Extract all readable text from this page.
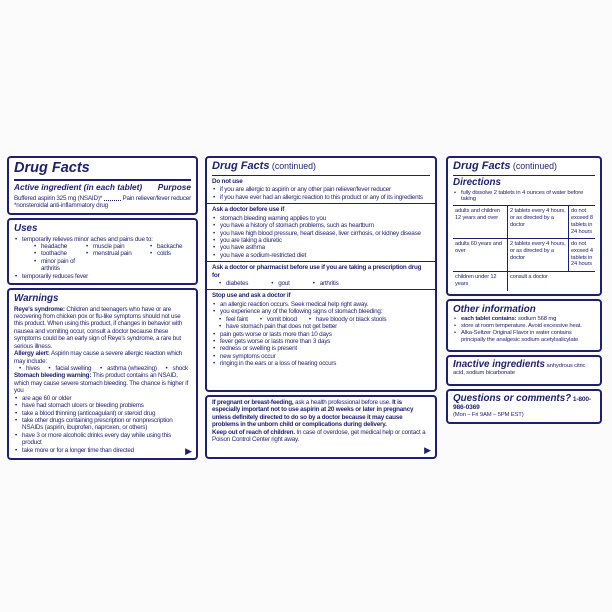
Drug Facts
Active ingredient (in each tablet) Purpose
Buffered aspirin 325 mg (NSAID)*	Pain reliever/fever reducer
*nonsteroidal anti-inflammatory drug
Uses
• temporarily relieves minor aches and pains due to:
• headache	• muscle pain	• backache
• toothache	• menstrual pain	• colds
• minor pain of arthritis
• temporarily reduces fever
Warnings
Reye's syndrome: Children and teenagers who have or are recovering from chicken pox or flu-like symptoms should not use this product. When using this product, if changes in behavior with nausea and vomiting occur, consult a doctor because these symptoms could be an early sign of Reye's syndrome, a rare but serious illness.
Allergy alert: Aspirin may cause a severe allergic reaction which may include:
• hives	• facial swelling	• asthma (wheezing)	• shock
Stomach bleeding warning: This product contains an NSAID, which may cause severe stomach bleeding. The chance is higher if you
• are age 60 or older
• have had stomach ulcers or bleeding problems
• take a blood thinning (anticoagulant) or steroid drug
• take other drugs containing prescription or nonprescription NSAIDs (aspirin, ibuprofen, naproxen, or others)
• have 3 or more alcoholic drinks every day while using this product
• take more or for a longer time than directed	▶
Drug Facts (continued)
Do not use
• if you are allergic to aspirin or any other pain reliever/fever reducer
• if you have ever had an allergic reaction to this product or any of its ingredients
Ask a doctor before use if
• stomach bleeding warning applies to you
• you have a history of stomach problems, such as heartburn
• you have high blood pressure, heart disease, liver cirrhosis, or kidney disease
• you are taking a diuretic
• you have asthma
• you have a sodium-restricted diet
Ask a doctor or pharmacist before use if you are taking a prescription drug for
• diabetes	• gout	• arthritis
Stop use and ask a doctor if
• an allergic reaction occurs. Seek medical help right away.
• you experience any of the following signs of stomach bleeding:
• feel faint	• vomit blood	• have bloody or black stools
• have stomach pain that does not get better
• pain gets worse or lasts more than 10 days
• fever gets worse or lasts more than 3 days
• redness or swelling is present
• new symptoms occur
• ringing in the ears or a loss of hearing occurs
If pregnant or breast-feeding, ask a health professional before use. It is especially important not to use aspirin at 20 weeks or later in pregnancy unless definitely directed to do so by a doctor because it may cause problems in the unborn child or complications during delivery.
Keep out of reach of children. In case of overdose, get medical help or contact a Poison Control Center right away.
▶
Drug Facts (continued)
Directions
• fully dissolve 2 tablets in 4 ounces of water before taking
adults and children 12 years and over	2 tablets every 4 hours, or as directed by a doctor	do not exceed 8 tablets in 24 hours
adults 60 years and over	2 tablets every 4 hours, or as directed by a doctor	do not exceed 4 tablets in 24 hours
children under 12 years	consult a doctor	
Other information
• each tablet contains: sodium 568 mg
• store at room temperature. Avoid excessive heat.
• Alka-Seltzer Original Flavor in water contains principally the analgesic sodium acetylsalicylate
Inactive ingredients anhydrous citric acid, sodium bicarbonate
Questions or comments? 1-800-986-0369
(Mon – Fri 9AM – 5PM EST)
